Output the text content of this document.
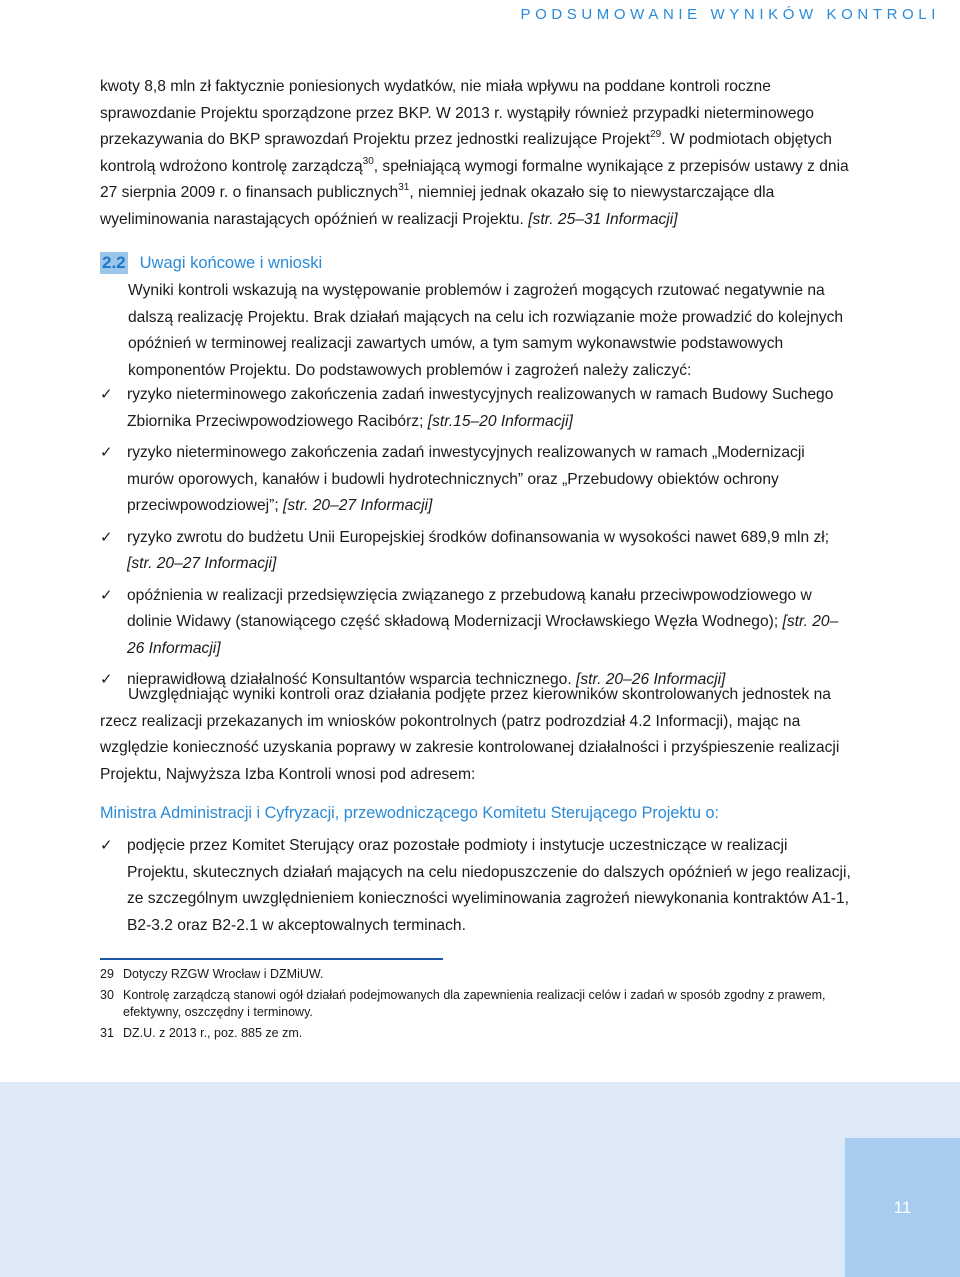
PODSUMOWANIE WYNIKÓW KONTROLI

kwoty 8,8 mln zł faktycznie poniesionych wydatków, nie miała wpływu na poddane kontroli roczne sprawozdanie Projektu sporządzone przez BKP. W 2013 r. wystąpiły również przypadki nieterminowego przekazywania do BKP sprawozdań Projektu przez jednostki realizujące Projekt$^{29}$. W podmiotach objętych kontrolą wdrożono kontrolę zarządczą$^{30}$, spełniającą wymogi formalne wynikające z przepisów ustawy z dnia 27 sierpnia 2009 r. o finansach publicznych$^{31}$, niemniej jednak okazało się to niewystarczające dla wyeliminowania narastających opóźnień w realizacji Projektu. [str. 25–31 Informacji]

2.2 Uwagi końcowe i wnioski

Wyniki kontroli wskazują na występowanie problemów i zagrożeń mogących rzutować negatywnie na dalszą realizację Projektu. Brak działań mających na celu ich rozwiązanie może prowadzić do kolejnych opóźnień w terminowej realizacji zawartych umów, a tym samym wykonawstwie podstawowych komponentów Projektu. Do podstawowych problemów i zagrożeń należy zaliczyć:

✓ ryzyko nieterminowego zakończenia zadań inwestycyjnych realizowanych w ramach Budowy Suchego Zbiornika Przeciwpowodziowego Racibórz; [str.15–20 Informacji]
✓ ryzyko nieterminowego zakończenia zadań inwestycyjnych realizowanych w ramach „Modernizacji murów oporowych, kanałów i budowli hydrotechnicznych” oraz „Przebudowy obiektów ochrony przeciwpowodziowej”; [str. 20–27 Informacji]
✓ ryzyko zwrotu do budżetu Unii Europejskiej środków dofinansowania w wysokości nawet 689,9 mln zł; [str. 20–27 Informacji]
✓ opóźnienia w realizacji przedsięwzięcia związanego z przebudową kanału przeciwpowodziowego w dolinie Widawy (stanowiącego część składową Modernizacji Wrocławskiego Węzła Wodnego); [str. 20–26 Informacji]
✓ nieprawidłową działalność Konsultantów wsparcia technicznego. [str. 20–26 Informacji]

Uwzględniając wyniki kontroli oraz działania podjęte przez kierowników skontrolowanych jednostek na rzecz realizacji przekazanych im wniosków pokontrolnych (patrz podrozdział 4.2 Informacji), mając na względzie konieczność uzyskania poprawy w zakresie kontrolowanej działalności i przyśpieszenie realizacji Projektu, Najwyższa Izba Kontroli wnosi pod adresem:

Ministra Administracji i Cyfryzacji, przewodniczącego Komitetu Sterującego Projektu o:
✓ podjęcie przez Komitet Sterujący oraz pozostałe podmioty i instytucje uczestniczące w realizacji Projektu, skutecznych działań mających na celu niedopuszczenie do dalszych opóźnień w jego realizacji, ze szczególnym uwzględnieniem konieczności wyeliminowania zagrożeń niewykonania kontraktów A1-1, B2-3.2 oraz B2-2.1 w akceptowalnych terminach.
29 Dotyczy RZGW Wrocław i DZMiUW.
30 Kontrolę zarządczą stanowi ogół działań podejmowanych dla zapewnienia realizacji celów i zadań w sposób zgodny z prawem, efektywny, oszczędny i terminowy.
31 DZ.U. z 2013 r., poz. 885 ze zm.
11
